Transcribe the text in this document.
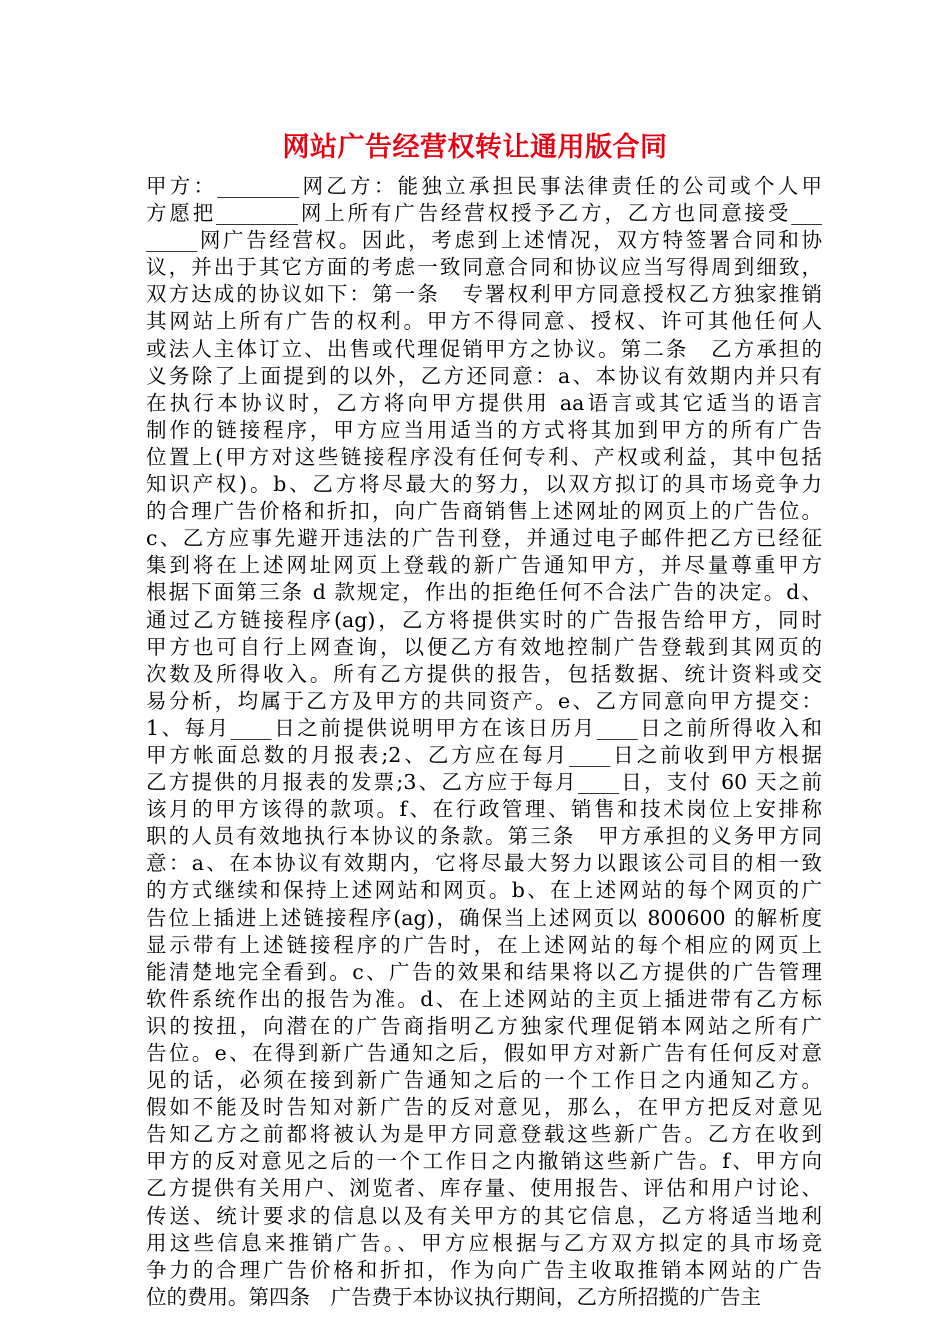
网站广告经营权转让通用版合同
甲方：________网乙方：能独立承担民事法律责任的公司或个人甲
方愿把________网上所有广告经营权授予乙方，乙方也同意接受___
_____网广告经营权。因此，考虑到上述情况，双方特签署合同和协
议，并出于其它方面的考虑一致同意合同和协议应当写得周到细致，
双方达成的协议如下：第一条　专署权利甲方同意授权乙方独家推销
其网站上所有广告的权利。甲方不得同意、授权、许可其他任何人
或法人主体订立、出售或代理促销甲方之协议。第二条　乙方承担的
义务除了上面提到的以外，乙方还同意：a、本协议有效期内并只有
在执行本协议时，乙方将向甲方提供用 aa语言或其它适当的语言
制作的链接程序，甲方应当用适当的方式将其加到甲方的所有广告
位置上(甲方对这些链接程序没有任何专利、产权或利益，其中包括
知识产权)。b、乙方将尽最大的努力，以双方拟订的具市场竞争力
的合理广告价格和折扣，向广告商销售上述网址的网页上的广告位。
c、乙方应事先避开违法的广告刊登，并通过电子邮件把乙方已经征
集到将在上述网址网页上登载的新广告通知甲方，并尽量尊重甲方
根据下面第三条 d 款规定，作出的拒绝任何不合法广告的决定。d、
通过乙方链接程序(ag)，乙方将提供实时的广告报告给甲方，同时
甲方也可自行上网查询，以便乙方有效地控制广告登载到其网页的
次数及所得收入。所有乙方提供的报告，包括数据、统计资料或交
易分析，均属于乙方及甲方的共同资产。e、乙方同意向甲方提交：
1、每月____日之前提供说明甲方在该日历月____日之前所得收入和
甲方帐面总数的月报表;2、乙方应在每月____日之前收到甲方根据
乙方提供的月报表的发票;3、乙方应于每月____日，支付 60 天之前
该月的甲方该得的款项。f、在行政管理、销售和技术岗位上安排称
职的人员有效地执行本协议的条款。第三条　甲方承担的义务甲方同
意：a、在本协议有效期内，它将尽最大努力以跟该公司目的相一致
的方式继续和保持上述网站和网页。b、在上述网站的每个网页的广
告位上插进上述链接程序(ag)，确保当上述网页以 800600 的解析度
显示带有上述链接程序的广告时，在上述网站的每个相应的网页上
能清楚地完全看到。c、广告的效果和结果将以乙方提供的广告管理
软件系统作出的报告为准。d、在上述网站的主页上插进带有乙方标
识的按扭，向潜在的广告商指明乙方独家代理促销本网站之所有广
告位。e、在得到新广告通知之后，假如甲方对新广告有任何反对意
见的话，必须在接到新广告通知之后的一个工作日之内通知乙方。
假如不能及时告知对新广告的反对意见，那么，在甲方把反对意见
告知乙方之前都将被认为是甲方同意登载这些新广告。乙方在收到
甲方的反对意见之后的一个工作日之内撤销这些新广告。f、甲方向
乙方提供有关用户、浏览者、库存量、使用报告、评估和用户讨论、
传送、统计要求的信息以及有关甲方的其它信息，乙方将适当地利
用这些信息来推销广告。、甲方应根据与乙方双方拟定的具市场竞
争力的合理广告价格和折扣，作为向广告主收取推销本网站的广告
位的费用。第四条　广告费于本协议执行期间，乙方所招揽的广告主
